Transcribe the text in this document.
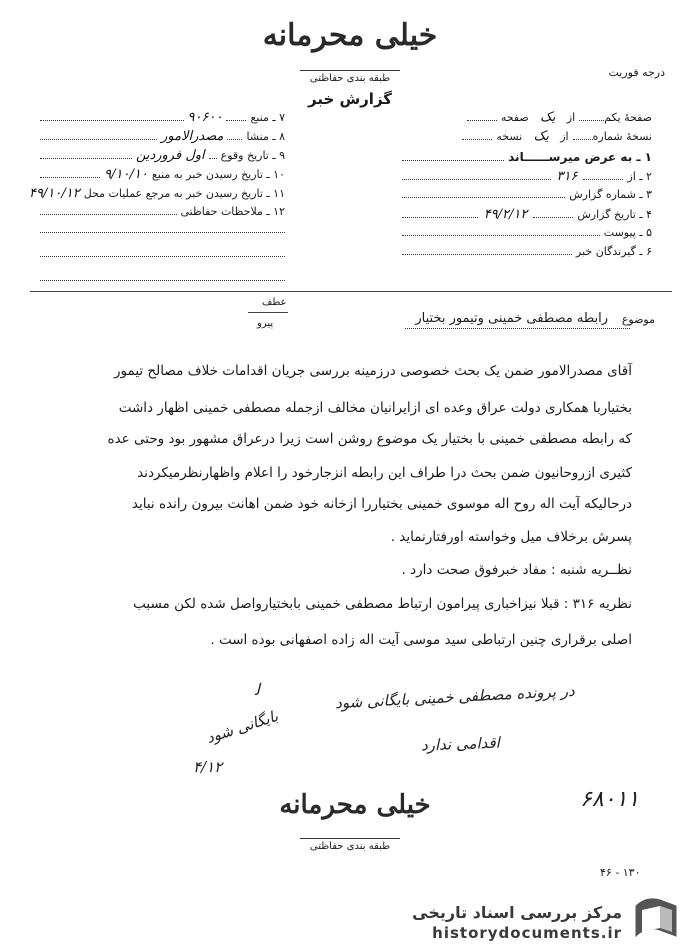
خیلی محرمانه
طبقه بندی حفاظتی	درجه فوریت
گزارش خبر
صفحهٔ یکم
از
یک
صفحه
نسخهٔ شماره
از
یک
نسخه
۱ ـ به عرض میرســــــاند
۲ ـ از
۳۱۶
۳ ـ شماره گزارش
۴ ـ تاریخ گزارش
۴۹/۲/۱۲
۵ ـ پیوست
۶ ـ گیرندگان خبر
۷ ـ منبع
۹۰۶۰۰
۸ ـ منشا
مصدرالامور
۹ ـ تاریخ وقوع
اول فروردین
۱۰ ـ تاریخ رسیدن خبر به منبع
۹/۱۰/۱۰
۱۱ ـ تاریخ رسیدن خبر به مرجع عملیات محل
۴۹/۱۰/۱۲
۱۲ ـ ملاحظات حفاظتی
عطف
پیرو	موضوع
رابطه مصطفی خمینی وتیمور بختیار
آقای مصدرالامور ضمن یک بحث خصوصی درزمینه بررسی جریان اقدامات خلاف مصالح تیمور
بختیاربا همکاری دولت عراق وعده ای ازایرانیان مخالف ازجمله مصطفی خمینی اظهار داشت
که رابطه مصطفی خمینی با بختیار یک موضوع روشن است زیرا درعراق مشهور بود وحتی عده
کثیری ازروحانیون ضمن بحث درا طراف این رابطه انزجارخود را اعلام واظهارنظرمیکردند
درحالیکه آیت اله روح اله موسوی خمینی بختیاررا ازخانه خود ضمن اهانت بیرون رانده نباید
پسرش برخلاف میل وخواسته اورفتارنماید .
نظــریه شنبه : مفاد خبرفوق صحت دارد .
نظریه ۳۱۶ : قبلا نیزاخباری پیرامون ارتباط مصطفی خمینی بابختیارواصل شده لکن مسبب
اصلی برقراری چنین ارتباطی سید موسی آیت اله زاده اصفهانی بوده است .
در پرونده مصطفی خمینی بایگانی شود
اقدامی ندارد
بایگانی شود
۴/۱۲
ﻟ
۶۸۰۱۱
خیلی محرمانه
طبقه بندی حفاظتی
۴۶ - ۱۳۰
مرکز بررسی اسناد تاریخی
historydocuments.ir
